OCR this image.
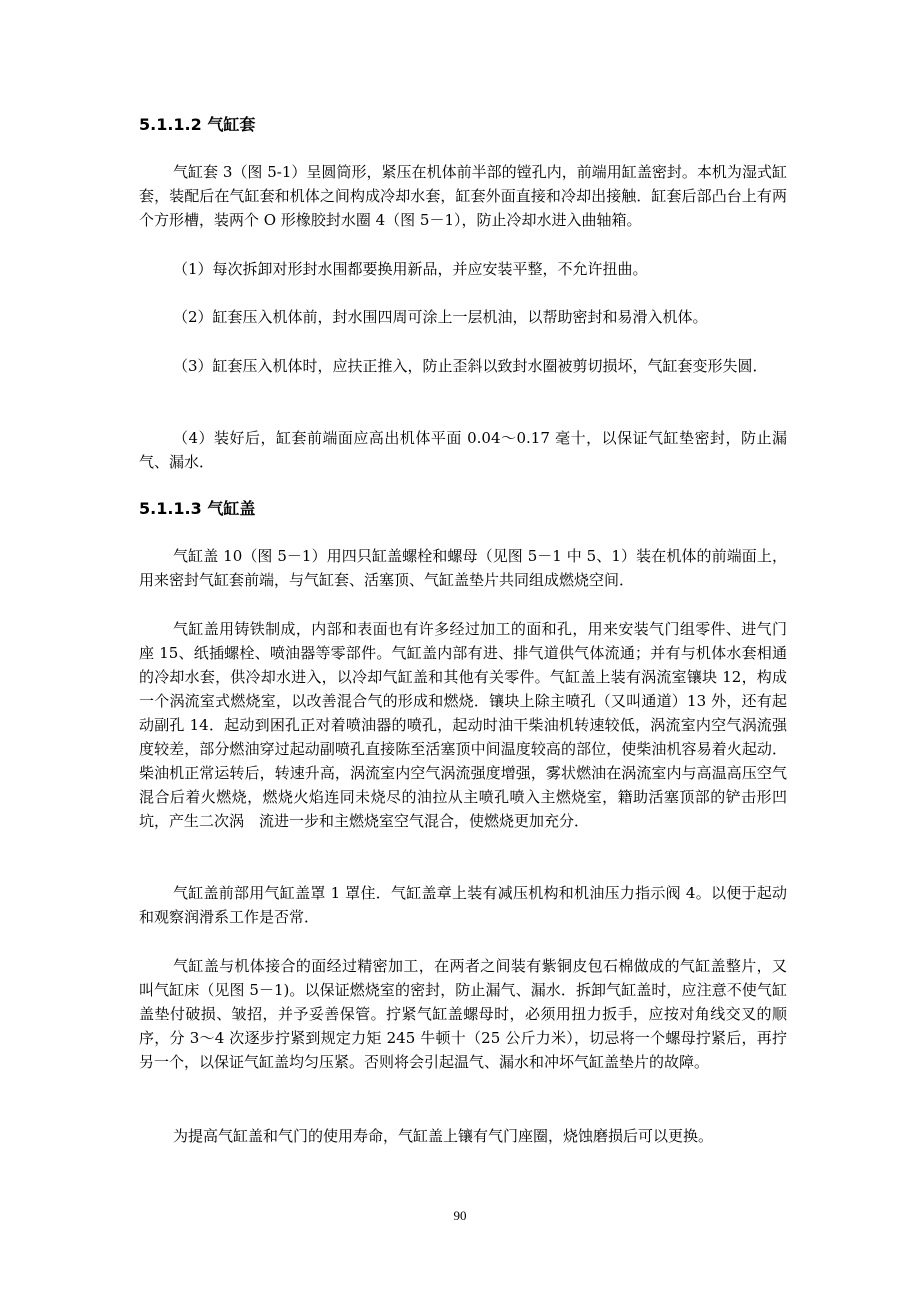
5.1.1.2 气缸套

气缸套 3（图 5-1）呈圆筒形，紧压在机体前半部的镗孔内，前端用缸盖密封。本机为湿式缸套，装配后在气缸套和机体之间构成冷却水套，缸套外面直接和冷却出接触．缸套后部凸台上有两个方形槽，装两个 O 形橡胶封水圈 4（图 5－1），防止冷却水进入曲轴箱。

（1）每次拆卸对形封水围都要换用新品，并应安装平整，不允许扭曲。

（2）缸套压入机体前，封水围四周可涂上一层机油，以帮助密封和易滑入机体。

（3）缸套压入机体时，应扶正推入，防止歪斜以致封水圈被剪切损坏，气缸套变形失圆．

（4）装好后，缸套前端面应高出机体平面 0.04～0.17 毫十，以保证气缸垫密封，防止漏气、漏水．

5.1.1.3 气缸盖

气缸盖 10（图 5－1）用四只缸盖螺栓和螺母（见图 5－1 中 5、1）装在机体的前端面上，用来密封气缸套前端，与气缸套、活塞顶、气缸盖垫片共同组成燃烧空间．

气缸盖用铸铁制成，内部和表面也有许多经过加工的面和孔，用来安装气门组零件、进气门座 15、纸插螺栓、喷油器等零部件。气缸盖内部有进、排气道供气体流通；并有与机体水套相通的冷却水套，供冷却水进入，以冷却气缸盖和其他有关零件。气缸盖上装有涡流室镶块 12，构成一个涡流室式燃烧室，以改善混合气的形成和燃烧．镶块上除主喷孔（又叫通道）13 外，还有起动副孔 14．起动到困孔正对着喷油器的喷孔，起动时油干柴油机转速较低，涡流室内空气涡流强度较差，部分燃油穿过起动副喷孔直接陈至活塞顶中间温度较高的部位，使柴油机容易着火起动．柴油机正常运转后，转速升高，涡流室内空气涡流强度增强，雾状燃油在涡流室内与高温高压空气混合后着火燃烧，燃烧火焰连同未烧尽的油拉从主喷孔喷入主燃烧室，籍助活塞顶部的铲击形凹坑，产生二次涡　流进一步和主燃烧室空气混合，使燃烧更加充分．

气缸盖前部用气缸盖罩 1 罩住．气缸盖章上装有减压机构和机油压力指示阀 4。以便于起动和观察润滑系工作是否常．

气缸盖与机体接合的面经过精密加工，在两者之间装有紫铜皮包石棉做成的气缸盖整片，又叫气缸床（见图 5－1)。以保证燃烧室的密封，防止漏气、漏水．拆卸气缸盖时，应注意不使气缸盖垫付破损、皱招，并予妥善保管。拧紧气缸盖螺母时，必须用扭力扳手，应按对角线交叉的顺序，分 3～4 次逐步拧紧到规定力矩 245 牛顿十（25 公斤力米），切忌将一个螺母拧紧后，再拧另一个，以保证气缸盖均匀压紧。否则将会引起温气、漏水和冲坏气缸盖垫片的故障。

为提高气缸盖和气门的使用寿命，气缸盖上镶有气门座圈，烧蚀磨损后可以更换。

90
